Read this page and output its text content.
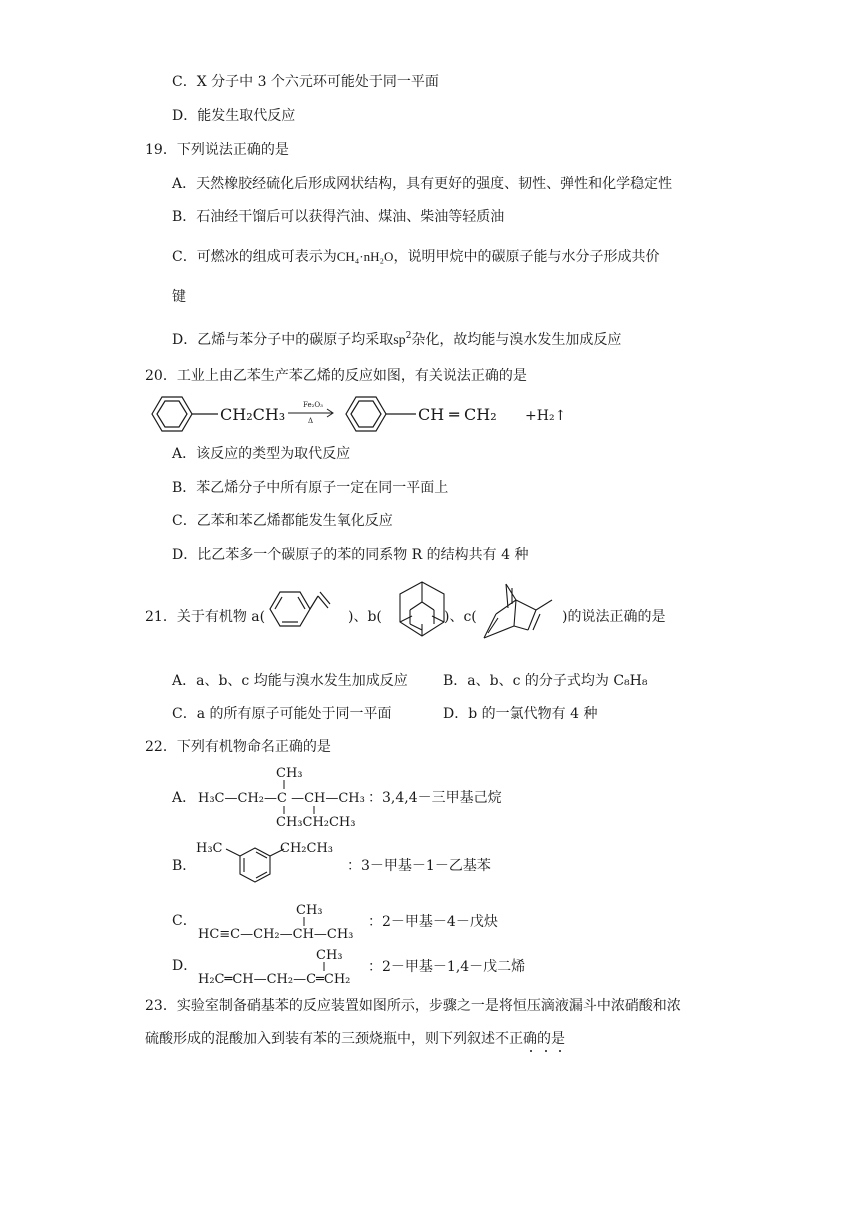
C．X 分子中 3 个六元环可能处于同一平面
D．能发生取代反应
19．下列说法正确的是
A．天然橡胶经硫化后形成网状结构，具有更好的强度、韧性、弹性和化学稳定性
B．石油经干馏后可以获得汽油、煤油、柴油等轻质油
C．可燃冰的组成可表示为CH₄·nH₂O，说明甲烷中的碳原子能与水分子形成共价
键
D．乙烯与苯分子中的碳原子均采取$sp^2$杂化，故均能与溴水发生加成反应
20．工业上由乙苯生产苯乙烯的反应如图，有关说法正确的是
CH₂CH₃	Fe₂O₃
Δ	CH ═ CH₂ +H₂↑
A．该反应的类型为取代反应
B．苯乙烯分子中所有原子一定在同一平面上
C．乙苯和苯乙烯都能发生氧化反应
D．比乙苯多一个碳原子的苯的同系物 R 的结构共有 4 种
21．关于有机物 a(	)、b(	)、c(	)的说法正确的是
A．a、b、c 均能与溴水发生加成反应	B．a、b、c 的分子式均为 C₈H₈
C．a 的所有原子可能处于同一平面	D．b 的一氯代物有 4 种
22．下列有机物命名正确的是
A．
CH₃
H₃C—CH₂—C —CH—CH₃
CH₃CH₂CH₃
：3,4,4－三甲基己烷
B．
H₃C	CH₂CH₃
：3－甲基－1－乙基苯
C．
CH₃
HC≡C—CH₂—CH—CH₃
：2－甲基－4－戊炔
D．
CH₃
H₂C═CH—CH₂—C═CH₂
：2－甲基－1,4－戊二烯
23．实验室制备硝基苯的反应装置如图所示，步骤之一是将恒压滴液漏斗中浓硝酸和浓
硫酸形成的混酸加入到装有苯的三颈烧瓶中，则下列叙述不正确的是
